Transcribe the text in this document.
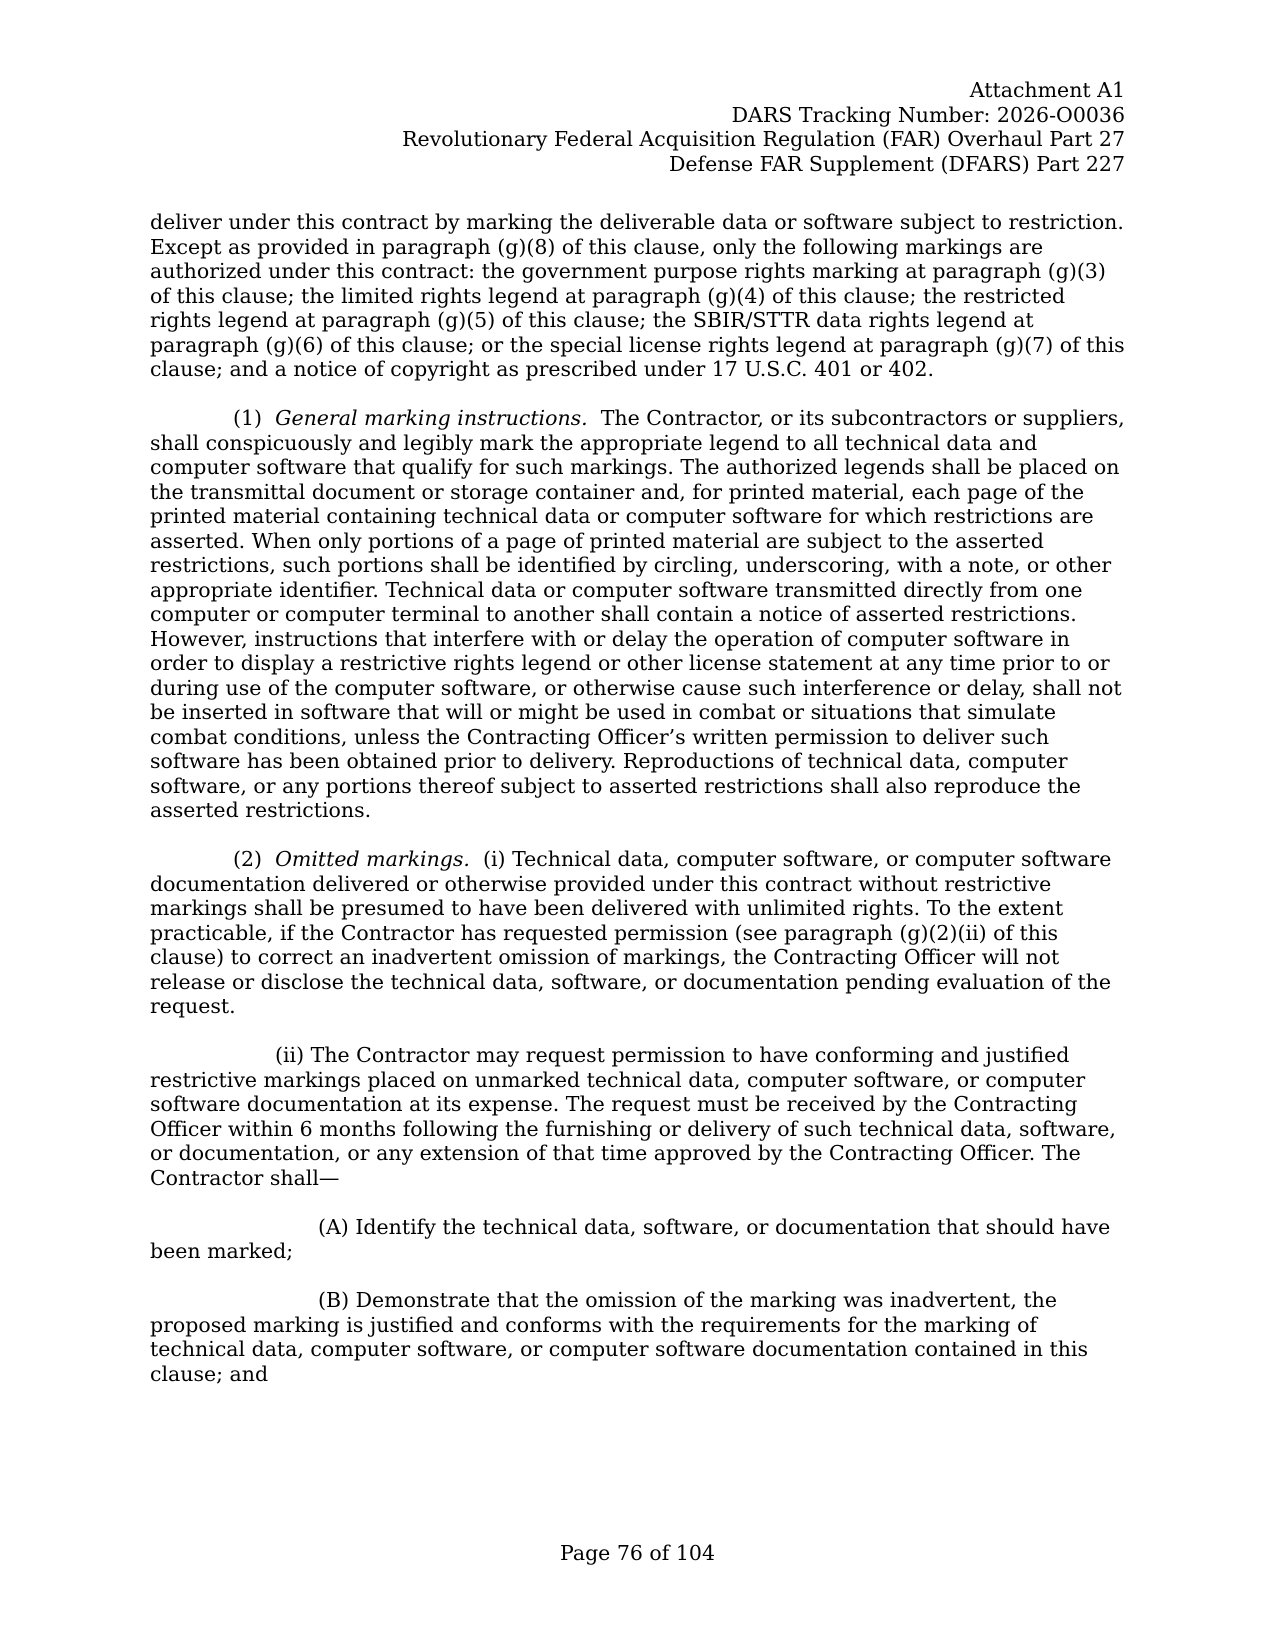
Attachment A1
DARS Tracking Number: 2026-O0036
Revolutionary Federal Acquisition Regulation (FAR) Overhaul Part 27
Defense FAR Supplement (DFARS) Part 227

deliver under this contract by marking the deliverable data or software subject to restriction. Except as provided in paragraph (g)(8) of this clause, only the following markings are authorized under this contract: the government purpose rights marking at paragraph (g)(3) of this clause; the limited rights legend at paragraph (g)(4) of this clause; the restricted rights legend at paragraph (g)(5) of this clause; the SBIR/STTR data rights legend at paragraph (g)(6) of this clause; or the special license rights legend at paragraph (g)(7) of this clause; and a notice of copyright as prescribed under 17 U.S.C. 401 or 402.

(1) General marking instructions. The Contractor, or its subcontractors or suppliers, shall conspicuously and legibly mark the appropriate legend to all technical data and computer software that qualify for such markings. The authorized legends shall be placed on the transmittal document or storage container and, for printed material, each page of the printed material containing technical data or computer software for which restrictions are asserted. When only portions of a page of printed material are subject to the asserted restrictions, such portions shall be identified by circling, underscoring, with a note, or other appropriate identifier. Technical data or computer software transmitted directly from one computer or computer terminal to another shall contain a notice of asserted restrictions. However, instructions that interfere with or delay the operation of computer software in order to display a restrictive rights legend or other license statement at any time prior to or during use of the computer software, or otherwise cause such interference or delay, shall not be inserted in software that will or might be used in combat or situations that simulate combat conditions, unless the Contracting Officer’s written permission to deliver such software has been obtained prior to delivery. Reproductions of technical data, computer software, or any portions thereof subject to asserted restrictions shall also reproduce the asserted restrictions.

(2) Omitted markings. (i) Technical data, computer software, or computer software documentation delivered or otherwise provided under this contract without restrictive markings shall be presumed to have been delivered with unlimited rights. To the extent practicable, if the Contractor has requested permission (see paragraph (g)(2)(ii) of this clause) to correct an inadvertent omission of markings, the Contracting Officer will not release or disclose the technical data, software, or documentation pending evaluation of the request.

(ii) The Contractor may request permission to have conforming and justified restrictive markings placed on unmarked technical data, computer software, or computer software documentation at its expense. The request must be received by the Contracting Officer within 6 months following the furnishing or delivery of such technical data, software, or documentation, or any extension of that time approved by the Contracting Officer. The Contractor shall—

(A) Identify the technical data, software, or documentation that should have been marked;

(B) Demonstrate that the omission of the marking was inadvertent, the proposed marking is justified and conforms with the requirements for the marking of technical data, computer software, or computer software documentation contained in this clause; and

Page 76 of 104
